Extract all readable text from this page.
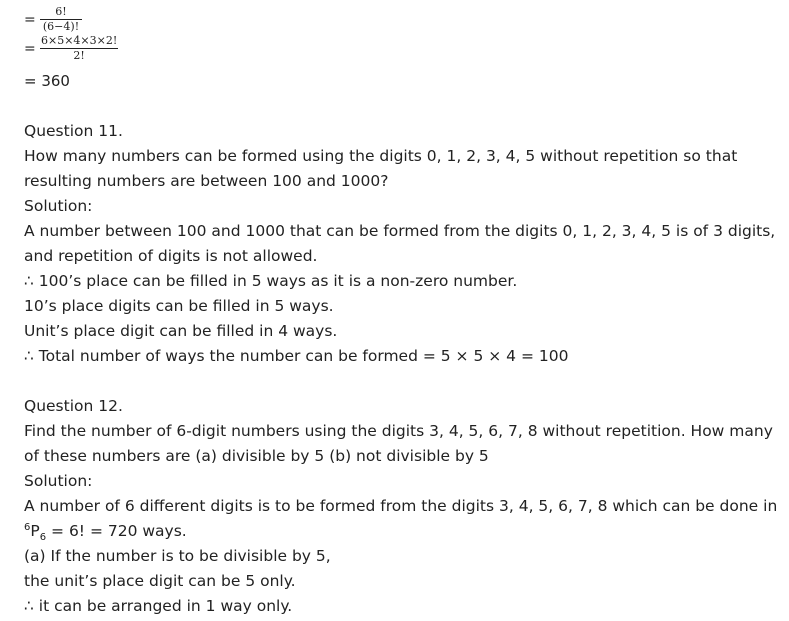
= $\frac{6!}{(6-4)!}$
= $\frac{6\times 5\times 4\times 3\times 2!}{2!}$
= 360
Question 11.
How many numbers can be formed using the digits 0, 1, 2, 3, 4, 5 without repetition so that
resulting numbers are between 100 and 1000?
Solution:
A number between 100 and 1000 that can be formed from the digits 0, 1, 2, 3, 4, 5 is of 3 digits,
and repetition of digits is not allowed.
∴ 100’s place can be filled in 5 ways as it is a non-zero number.
10’s place digits can be filled in 5 ways.
Unit’s place digit can be filled in 4 ways.
∴ Total number of ways the number can be formed = 5 × 5 × 4 = 100
Question 12.
Find the number of 6-digit numbers using the digits 3, 4, 5, 6, 7, 8 without repetition. How many
of these numbers are (a) divisible by 5 (b) not divisible by 5
Solution:
A number of 6 different digits is to be formed from the digits 3, 4, 5, 6, 7, 8 which can be done in
$^6P_6 = 6$! = 720 ways.
(a) If the number is to be divisible by 5,
the unit’s place digit can be 5 only.
∴ it can be arranged in 1 way only.
